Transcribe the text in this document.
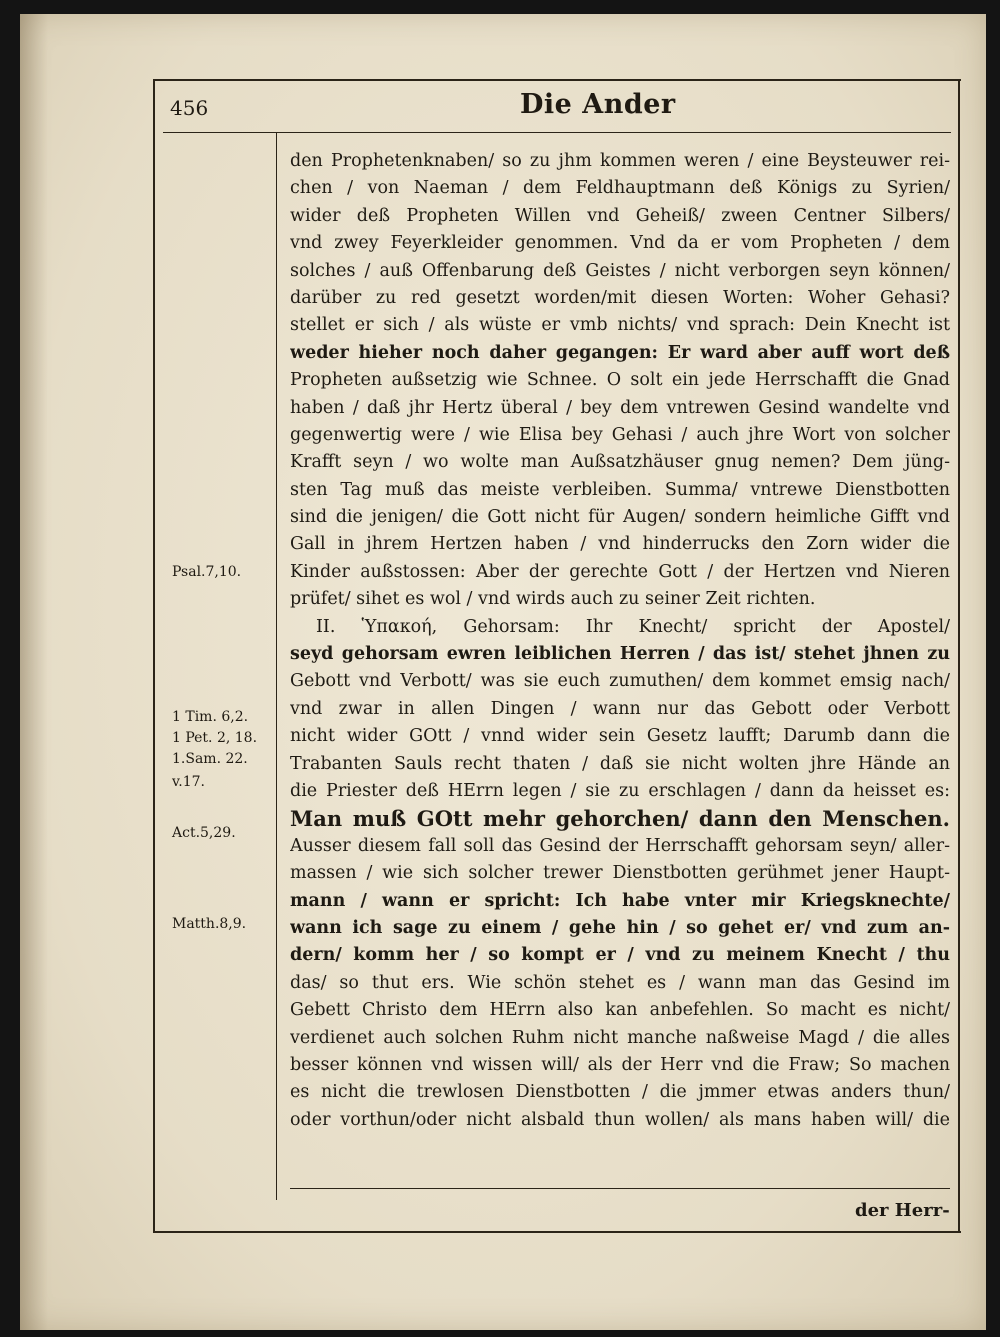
456	Die Ander
Psal.7,10.
1 Tim. 6,2.
1 Pet. 2, 18.
1.Sam. 22.
v.17.
Act.5,29.
Matth.8,9.
den Prophetenknaben/ so zu jhm kommen weren / eine Beysteuwer rei-
chen / von Naeman / dem Feldhauptmann deß Königs zu Syrien/
wider deß Propheten Willen vnd Geheiß/ zween Centner Silbers/
vnd zwey Feyerkleider genommen. Vnd da er vom Propheten / dem
solches / auß Offenbarung deß Geistes / nicht verborgen seyn können/
darüber zu red gesetzt worden/mit diesen Worten: Woher Gehasi?
stellet er sich / als wüste er vmb nichts/ vnd sprach: Dein Knecht ist
weder hieher noch daher gegangen: Er ward aber auff wort deß
Propheten außsetzig wie Schnee. O solt ein jede Herrschafft die Gnad
haben / daß jhr Hertz überal / bey dem vntrewen Gesind wandelte vnd
gegenwertig were / wie Elisa bey Gehasi / auch jhre Wort von solcher
Krafft seyn / wo wolte man Außsatzhäuser gnug nemen? Dem jüng-
sten Tag muß das meiste verbleiben. Summa/ vntrewe Dienstbotten
sind die jenigen/ die Gott nicht für Augen/ sondern heimliche Gifft vnd
Gall in jhrem Hertzen haben / vnd hinderrucks den Zorn wider die
Kinder außstossen: Aber der gerechte Gott / der Hertzen vnd Nieren
prüfet/ sihet es wol / vnd wirds auch zu seiner Zeit richten.
II. Ὑπακοή, Gehorsam: Ihr Knecht/ spricht der Apostel/
seyd gehorsam ewren leiblichen Herren / das ist/ stehet jhnen zu
Gebott vnd Verbott/ was sie euch zumuthen/ dem kommet emsig nach/
vnd zwar in allen Dingen / wann nur das Gebott oder Verbott
nicht wider GOtt / vnnd wider sein Gesetz laufft; Darumb dann die
Trabanten Sauls recht thaten / daß sie nicht wolten jhre Hände an
die Priester deß HErrn legen / sie zu erschlagen / dann da heisset es:
Man muß GOtt mehr gehorchen/ dann den Menschen.
Ausser diesem fall soll das Gesind der Herrschafft gehorsam seyn/ aller-
massen / wie sich solcher trewer Dienstbotten gerühmet jener Haupt-
mann / wann er spricht: Ich habe vnter mir Kriegsknechte/
wann ich sage zu einem / gehe hin / so gehet er/ vnd zum an-
dern/ komm her / so kompt er / vnd zu meinem Knecht / thu
das/ so thut ers. Wie schön stehet es / wann man das Gesind im
Gebett Christo dem HErrn also kan anbefehlen. So macht es nicht/
verdienet auch solchen Ruhm nicht manche naßweise Magd / die alles
besser können vnd wissen will/ als der Herr vnd die Fraw; So machen
es nicht die trewlosen Dienstbotten / die jmmer etwas anders thun/
oder vorthun/oder nicht alsbald thun wollen/ als mans haben will/ die
der Herr-
